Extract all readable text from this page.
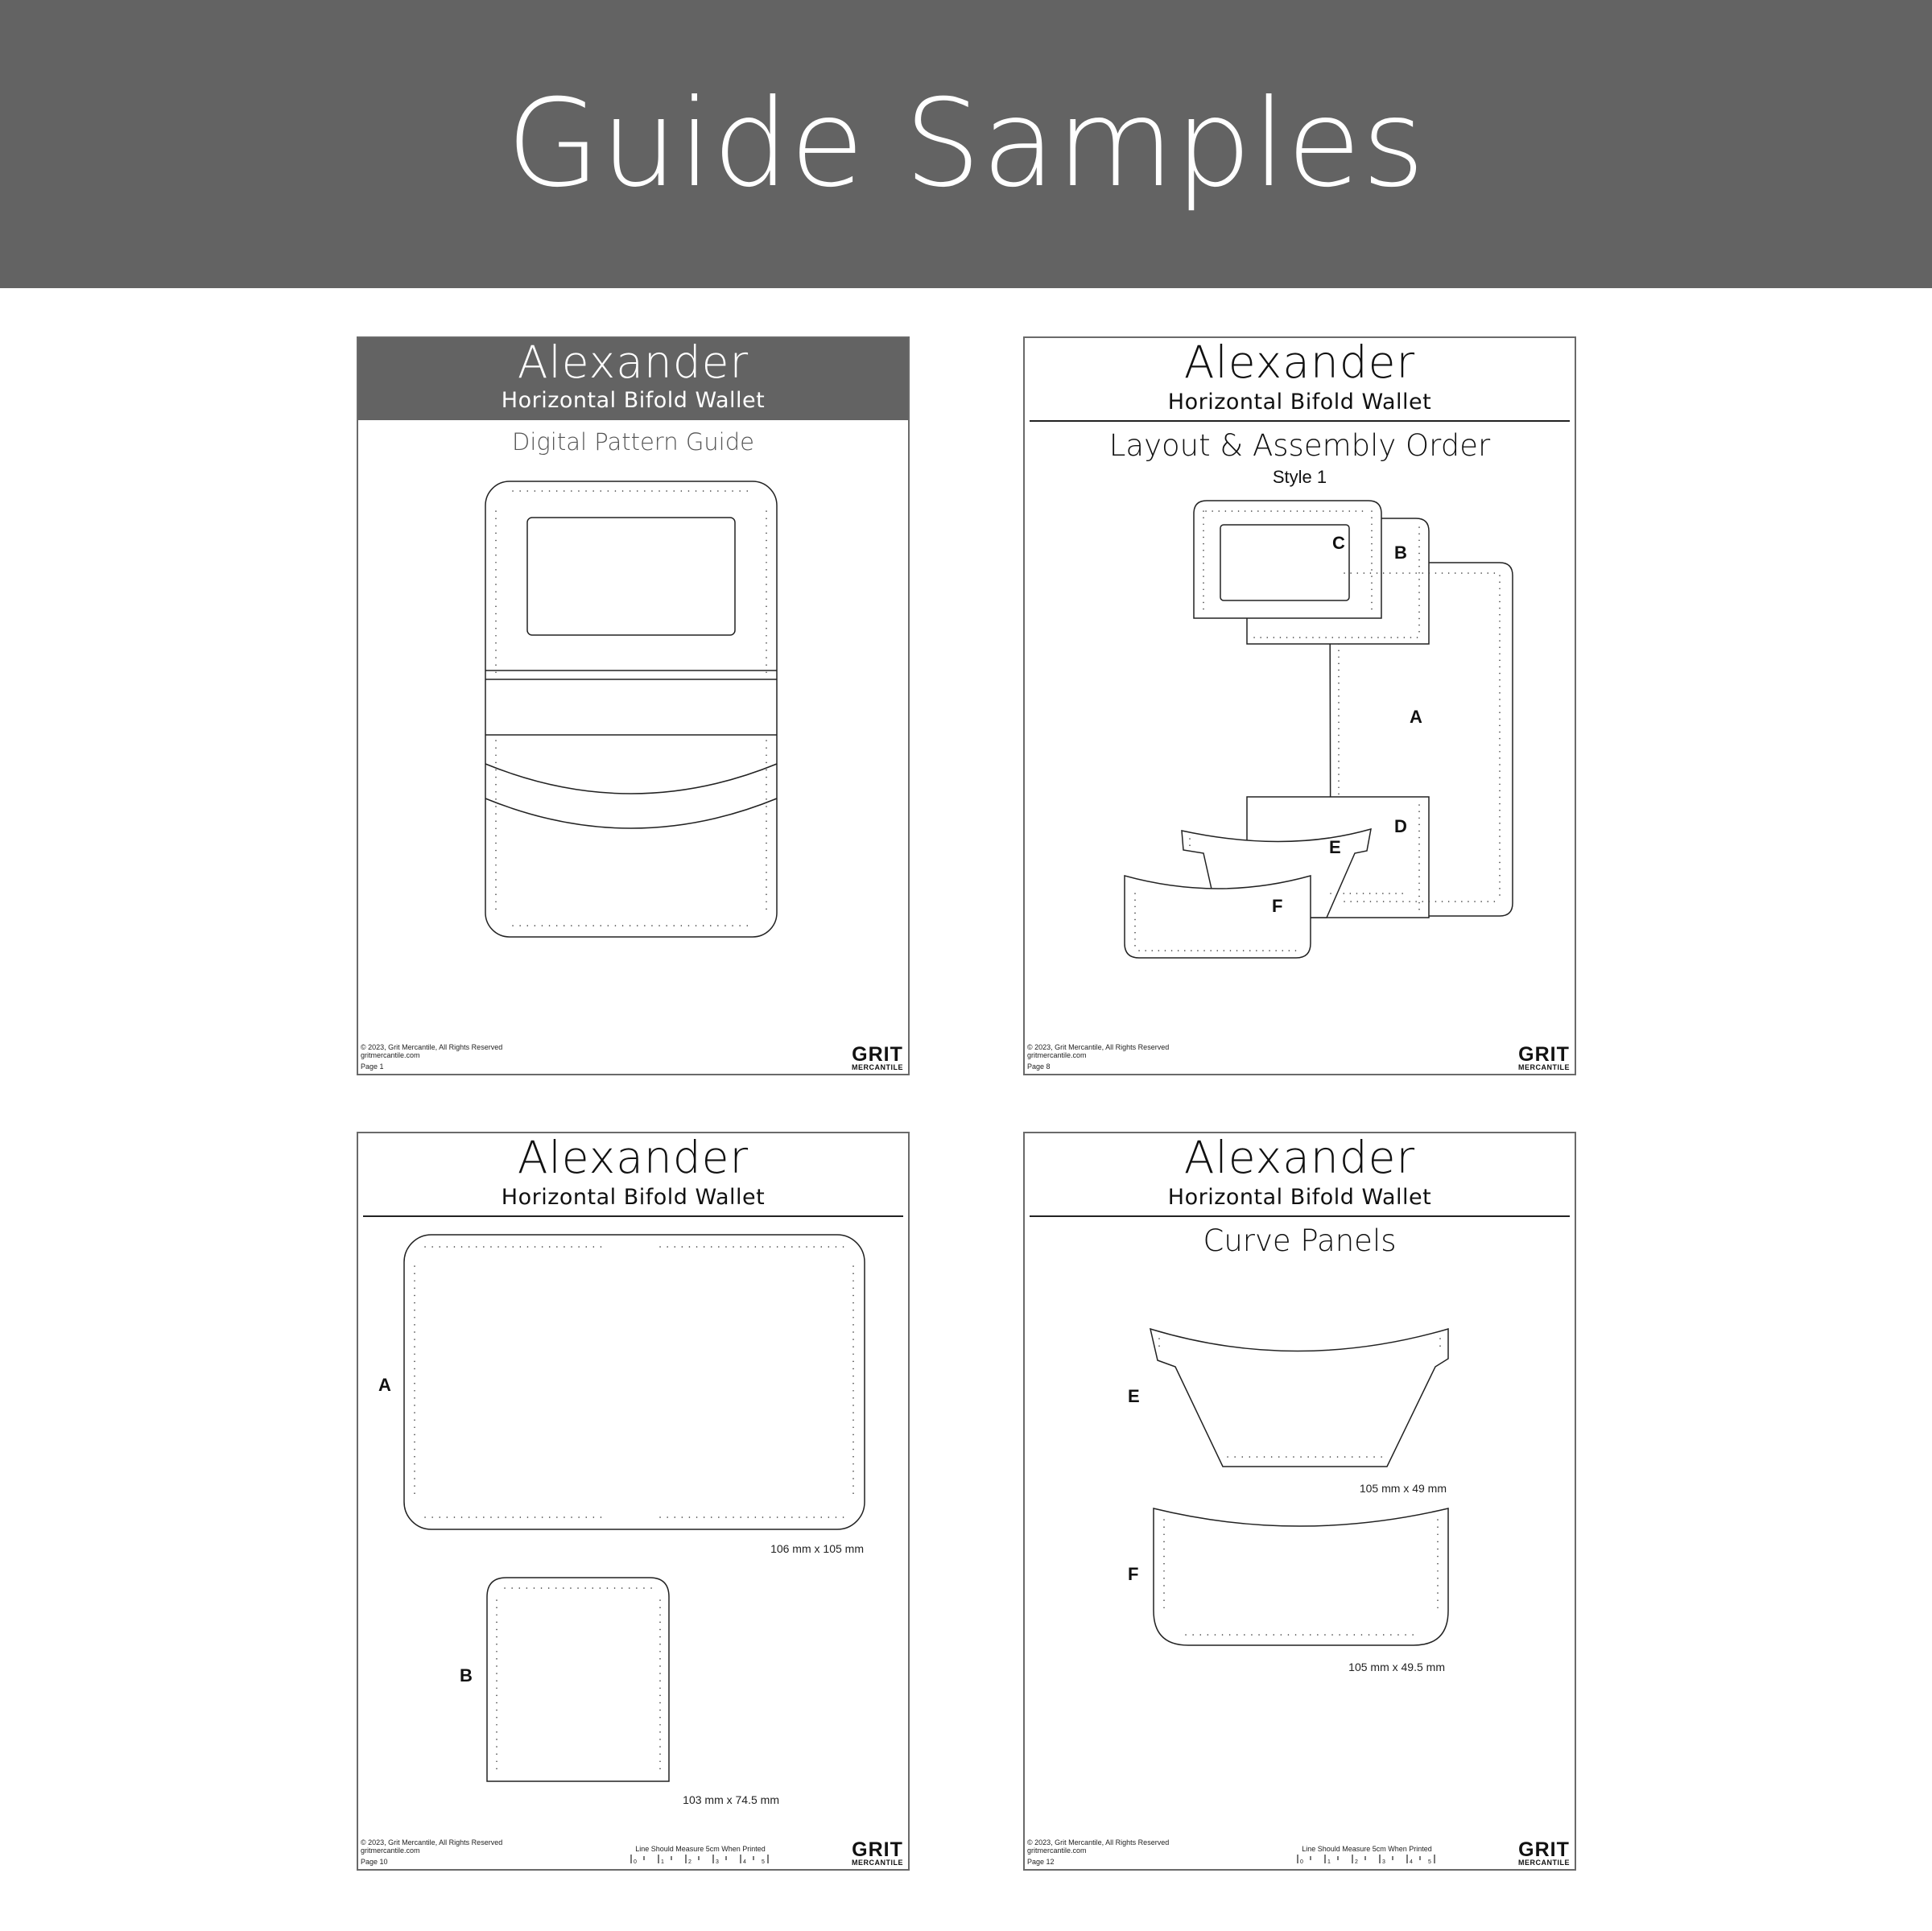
Guide Samples
Alexander
Horizontal Bifold Wallet
Digital Pattern Guide
© 2023, Grit Mercantile, All Rights Reserved
gritmercantile.com
Page 1
GRIT
MERCANTILE
Alexander
Horizontal Bifold Wallet
Layout & Assembly Order
Style 1
C	B
A
D
E
F
© 2023, Grit Mercantile, All Rights Reserved
gritmercantile.com
Page 8
GRIT
MERCANTILE
Alexander
Horizontal Bifold Wallet
A
B
106 mm x 105 mm
103 mm x 74.5 mm
Line Should Measure 5cm When Printed
0	1	2	3	4	5
© 2023, Grit Mercantile, All Rights Reserved
gritmercantile.com
Page 10
GRIT
MERCANTILE
Alexander
Horizontal Bifold Wallet
Curve Panels
E
F
105 mm x 49 mm
105 mm x 49.5 mm
Line Should Measure 5cm When Printed
0	1	2	3	4	5
© 2023, Grit Mercantile, All Rights Reserved
gritmercantile.com
Page 12
GRIT
MERCANTILE
